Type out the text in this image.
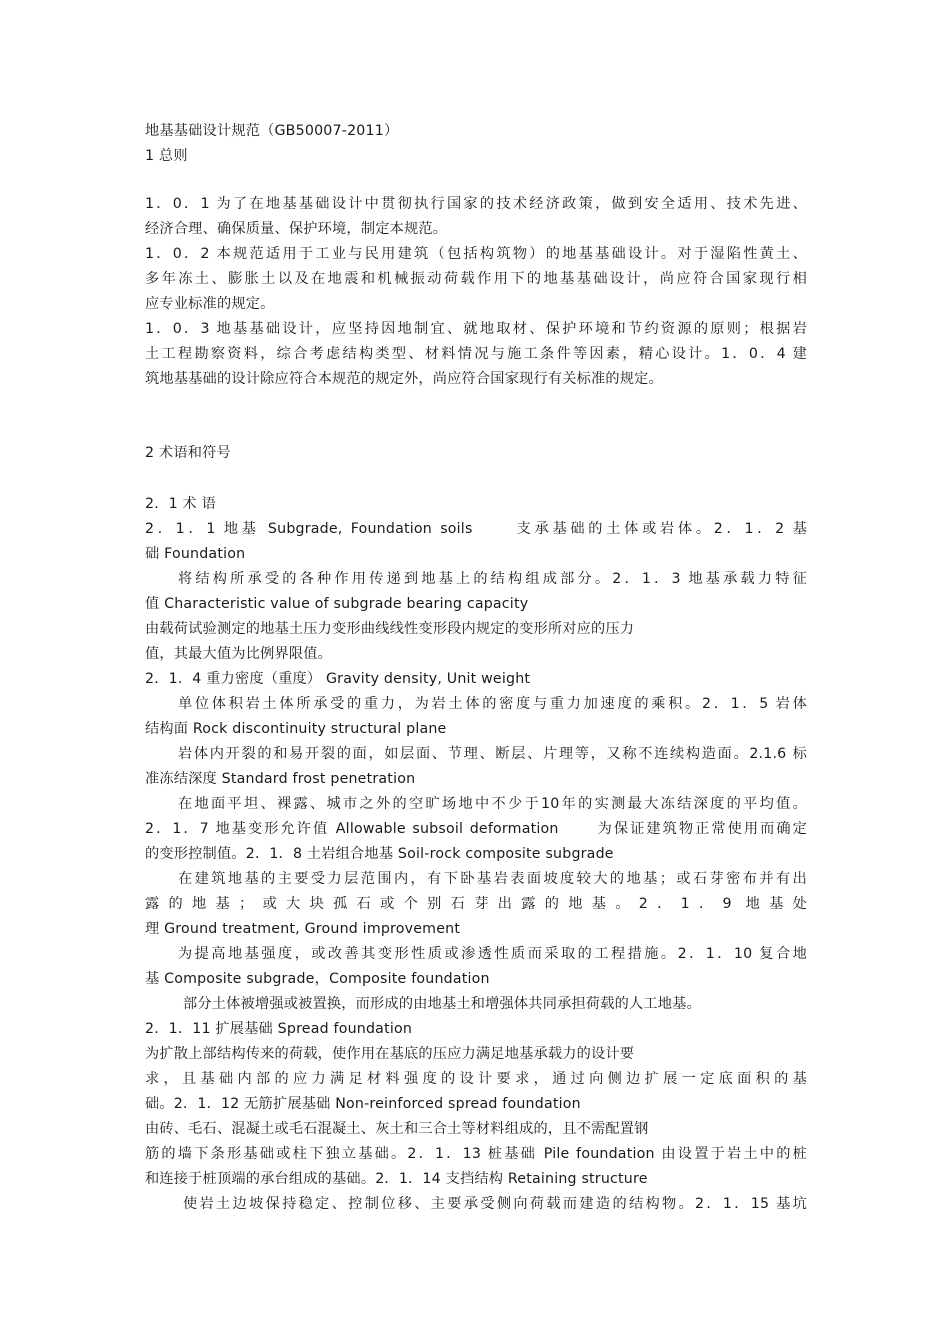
地基基础设计规范（GB50007-2011）
1 总则
1．0．1 为了在地基基础设计中贯彻执行国家的技术经济政策，做到安全适用、技术先进、
经济合理、确保质量、保护环境，制定本规范。
1．0．2 本规范适用于工业与民用建筑（包括构筑物）的地基基础设计。对于湿陷性黄土、
多年冻土、膨胀土以及在地震和机械振动荷载作用下的地基基础设计，尚应符合国家现行相
应专业标准的规定。
1．0．3 地基基础设计，应坚持因地制宜、就地取材、保护环境和节约资源的原则；根据岩
土工程勘察资料，综合考虑结构类型、材料情况与施工条件等因素，精心设计。1．0．4 建
筑地基基础的设计除应符合本规范的规定外，尚应符合国家现行有关标准的规定。
2 术语和符号
2．1 术 语
2．1．1 地基 Subgrade, Foundation soils 　　支承基础的土体或岩体。2．1．2 基
础 Foundation
将结构所承受的各种作用传递到地基上的结构组成部分。2．1．3 地基承载力特征
值 Characteristic value of subgrade bearing capacity
由载荷试验测定的地基土压力变形曲线线性变形段内规定的变形所对应的压力
值，其最大值为比例界限值。
2．1．4 重力密度（重度） Gravity density, Unit weight
单位体积岩土体所承受的重力，为岩土体的密度与重力加速度的乘积。2．1．5 岩体
结构面 Rock discontinuity structural plane
岩体内开裂的和易开裂的面，如层面、节理、断层、片理等，又称不连续构造面。2.1.6 标
准冻结深度 Standard frost penetration
在地面平坦、裸露、城市之外的空旷场地中不少于10年的实测最大冻结深度的平均值。
2．1．7 地基变形允许值 Allowable subsoil deformation 　　为保证建筑物正常使用而确定
的变形控制值。2．1．8 土岩组合地基 Soil-rock composite subgrade
在建筑地基的主要受力层范围内，有下卧基岩表面坡度较大的地基；或石芽密布并有出
露的地基；或大块孤石或个别石芽出露的地基。2．1．9 地基处
理 Ground treatment, Ground improvement
为提高地基强度，或改善其变形性质或渗透性质而采取的工程措施。2．1．10 复合地
基 Composite subgrade，Composite foundation
部分土体被增强或被置换，而形成的由地基土和增强体共同承担荷载的人工地基。
2．1．11 扩展基础 Spread foundation
为扩散上部结构传来的荷载，使作用在基底的压应力满足地基承载力的设计要
求，且基础内部的应力满足材料强度的设计要求，通过向侧边扩展一定底面积的基
础。2．1．12 无筋扩展基础 Non-reinforced spread foundation
由砖、毛石、混凝土或毛石混凝土、灰土和三合土等材料组成的，且不需配置钢
筋的墙下条形基础或柱下独立基础。2．1．13 桩基础 Pile foundation 由设置于岩土中的桩
和连接于桩顶端的承台组成的基础。2．1．14 支挡结构 Retaining structure
使岩土边坡保持稳定、控制位移、主要承受侧向荷载而建造的结构物。2．1．15 基坑
